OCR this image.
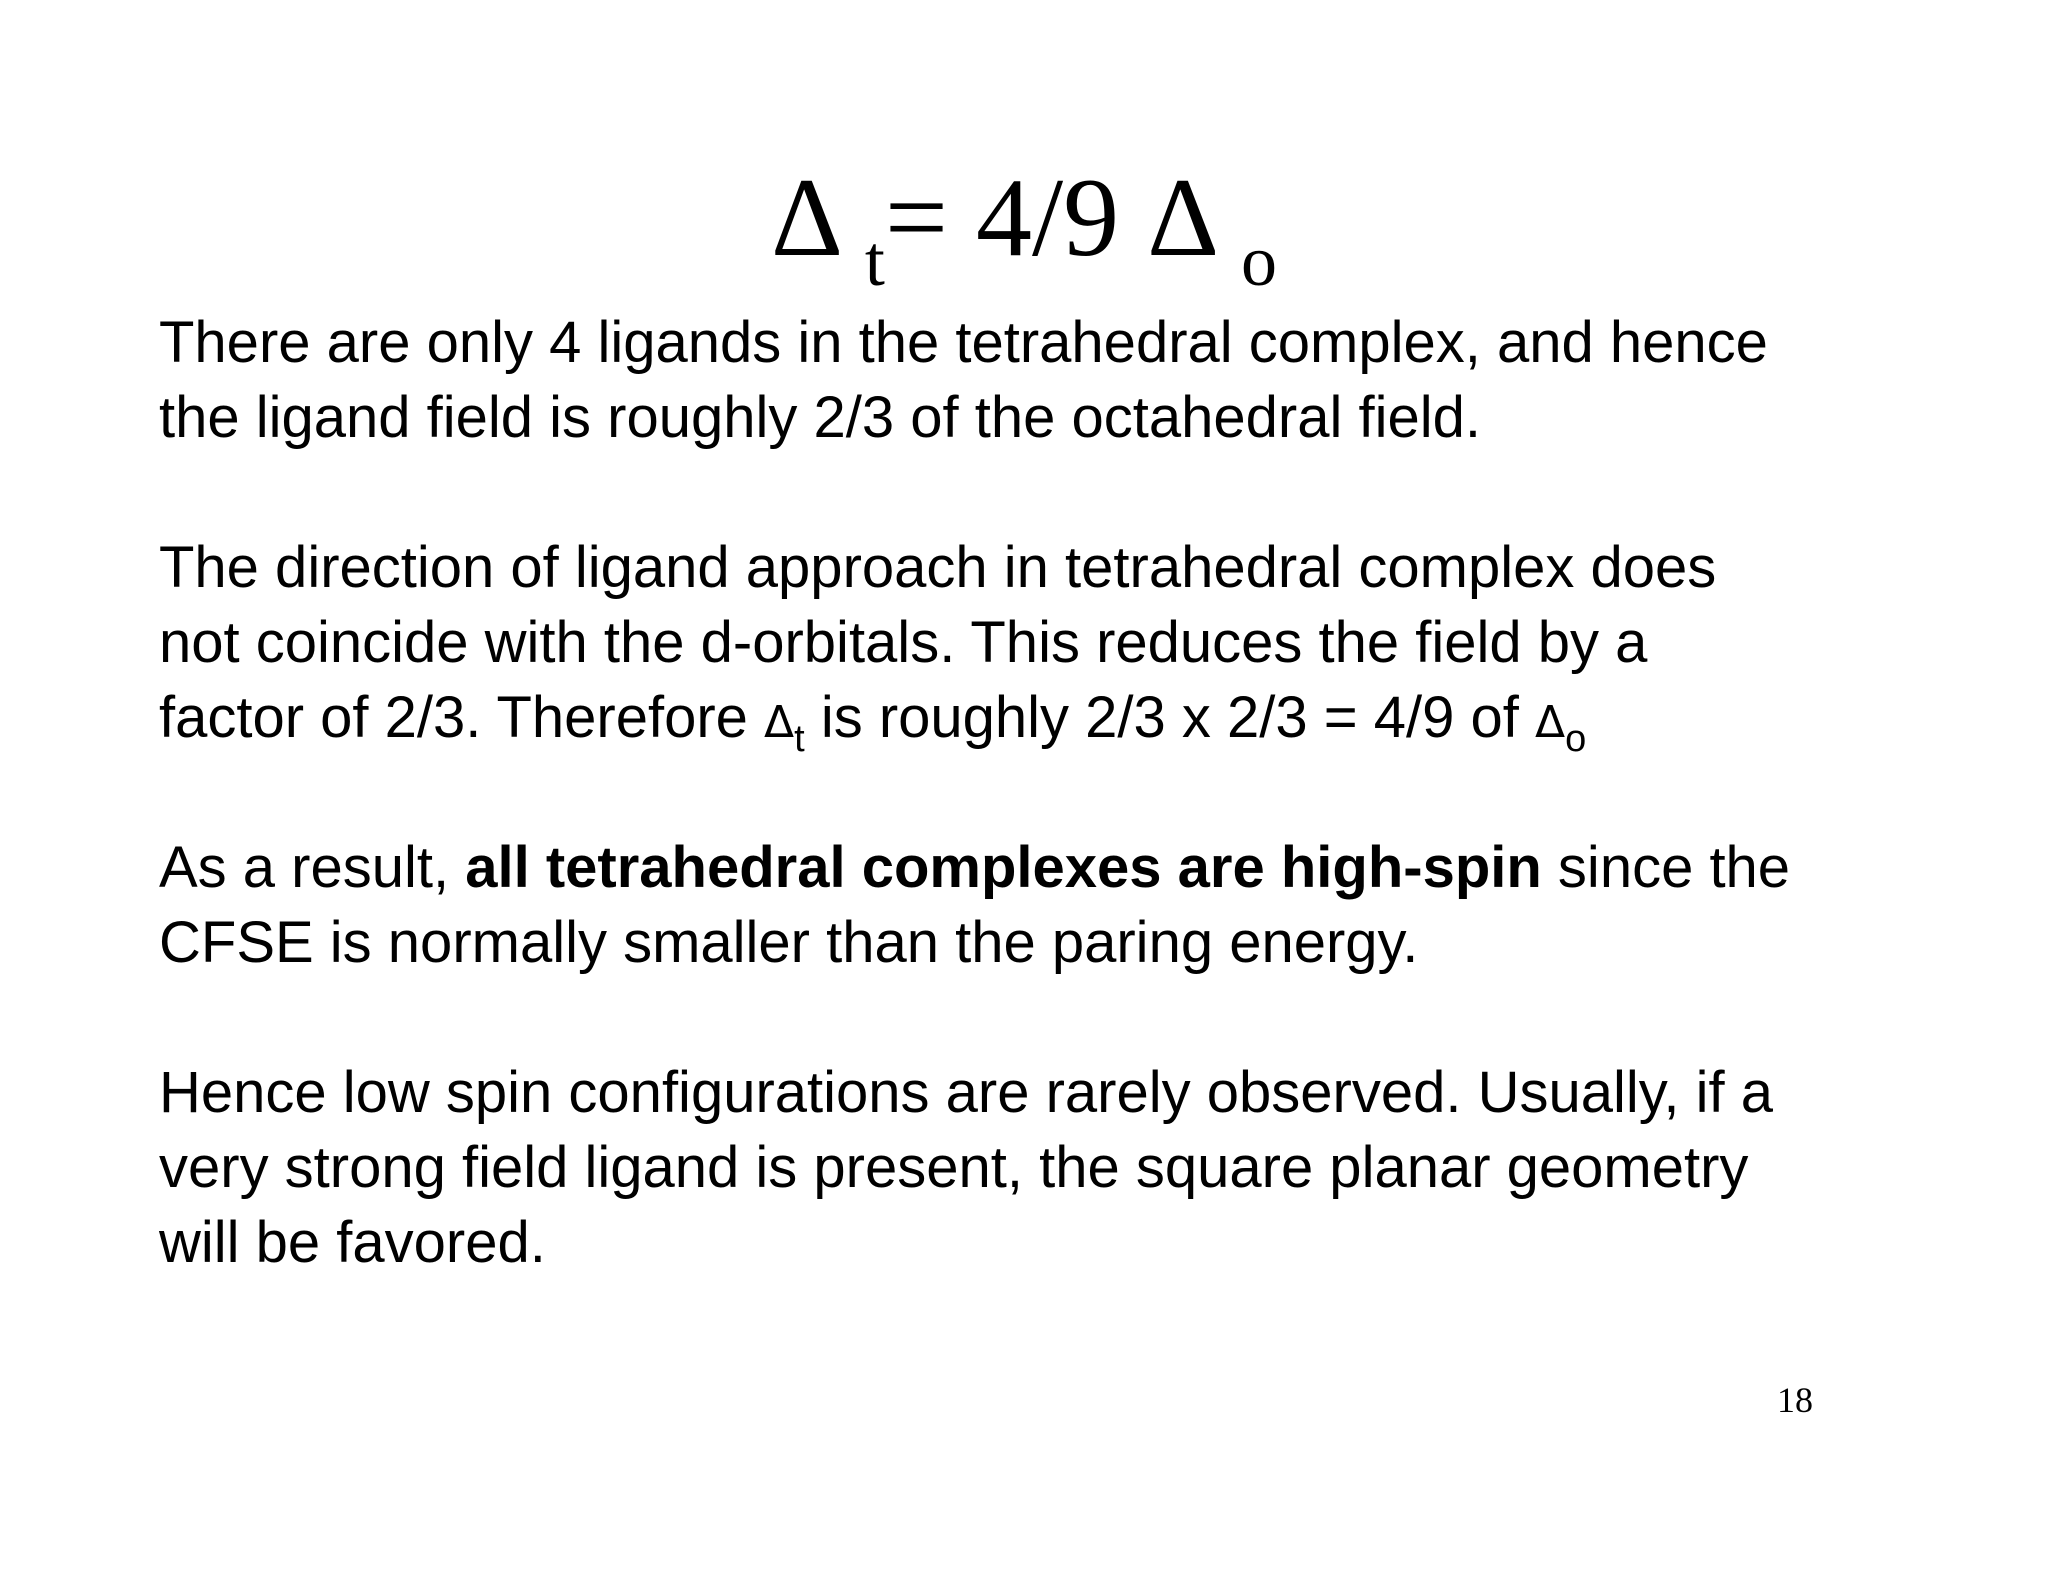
Δ $_t$= 4/9 Δ $_o$

There are only 4 ligands in the tetrahedral complex, and hence
the ligand field is roughly 2/3 of the octahedral field.

The direction of ligand approach in tetrahedral complex does
not coincide with the d-orbitals. This reduces the field by a
factor of 2/3. Therefore $\Delta_t$ is roughly 2/3 x 2/3 = 4/9 of $\Delta_o$

As a result, all tetrahedral complexes are high-spin since the
CFSE is normally smaller than the paring energy.

Hence low spin configurations are rarely observed. Usually, if a
very strong field ligand is present, the square planar geometry
will be favored.

18
